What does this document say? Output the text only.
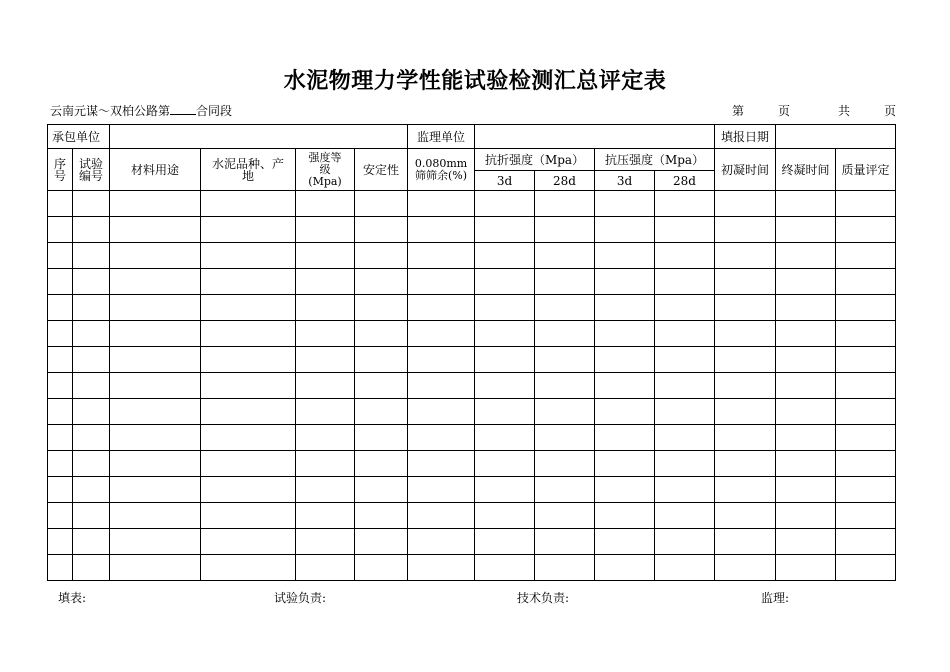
水泥物理力学性能试验检测汇总评定表
云南元谋～双柏公路第 合同段	第	页	共	页
承包单位						监理单位					填报日期		
序号	试验编号	材料用途	水泥品种、产地	强度等级(Mpa)	安定性	0.080mm筛筛余(%)	抗折强度（Mpa）		抗压强度（Mpa）		初凝时间	终凝时间	质量评定
							3d	28d	3d	28d			

填表:	试验负责:	技术负责:	监理:
